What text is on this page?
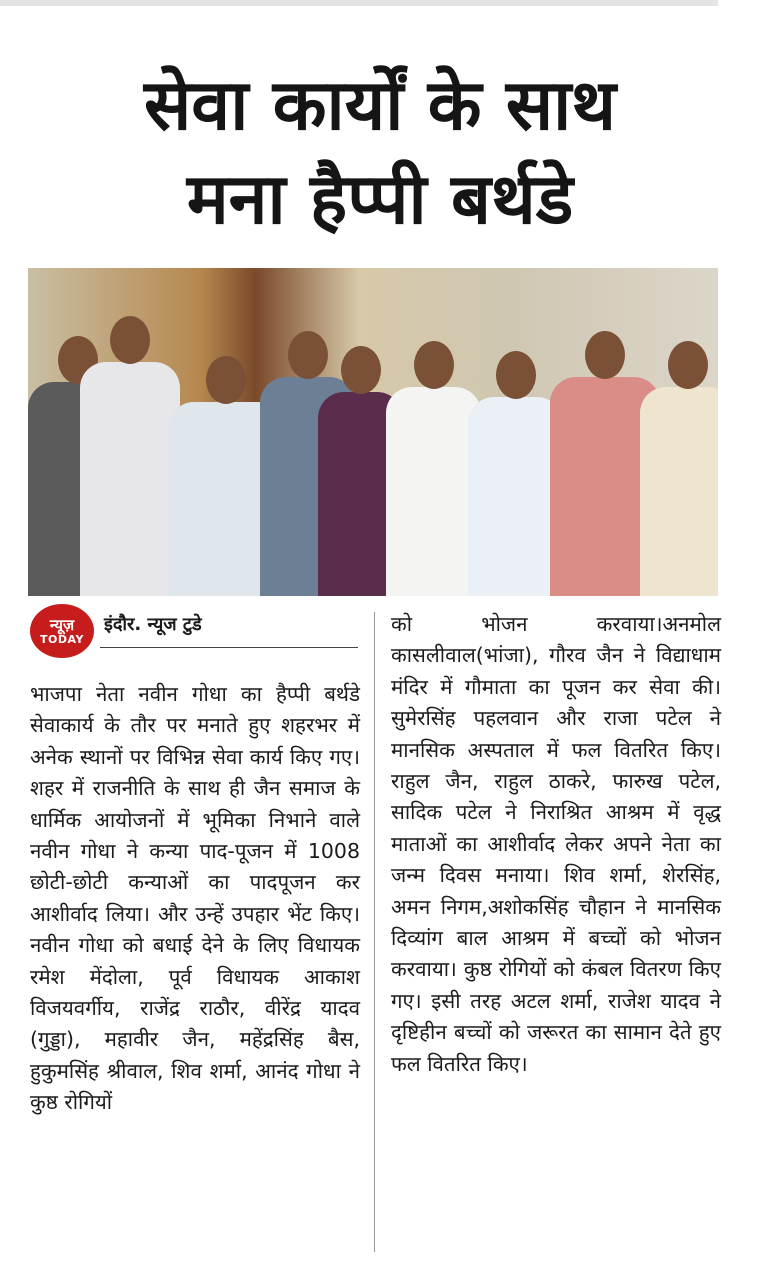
सेवा कार्यों के साथ
मना हैप्पी बर्थडे
न्यूज़
TODAY
इंदौर. न्यूज टुडे

भाजपा नेता नवीन गोधा का हैप्पी बर्थडे सेवाकार्य के तौर पर मनाते हुए शहरभर में अनेक स्थानों पर विभिन्न सेवा कार्य किए गए। शहर में राजनीति के साथ ही जैन समाज के धार्मिक आयोजनों में भूमिका निभाने वाले नवीन गोधा ने कन्या पाद-पूजन में 1008 छोटी-छोटी कन्याओं का पादपूजन कर आशीर्वाद लिया। और उन्हें उपहार भेंट किए। नवीन गोधा को बधाई देने के लिए विधायक रमेश मेंदोला, पूर्व विधायक आकाश विजयवर्गीय, राजेंद्र राठौर, वीरेंद्र यादव (गुड्डा), महावीर जैन, महेंद्रसिंह बैस, हुकुमसिंह श्रीवाल, शिव शर्मा, आनंद गोधा ने कुष्ठ रोगियों

को भोजन करवाया।अनमोल कासलीवाल(भांजा), गौरव जैन ने विद्याधाम मंदिर में गौमाता का पूजन कर सेवा की। सुमेरसिंह पहलवान और राजा पटेल ने मानसिक अस्पताल में फल वितरित किए। राहुल जैन, राहुल ठाकरे, फारुख पटेल, सादिक पटेल ने निराश्रित आश्रम में वृद्ध माताओं का आशीर्वाद लेकर अपने नेता का जन्म दिवस मनाया। शिव शर्मा, शेरसिंह, अमन निगम,अशोकसिंह चौहान ने मानसिक दिव्यांग बाल आश्रम में बच्चों को भोजन करवाया। कुष्ठ रोगियों को कंबल वितरण किए गए। इसी तरह अटल शर्मा, राजेश यादव ने दृष्टिहीन बच्चों को जरूरत का सामान देते हुए फल वितरित किए।
